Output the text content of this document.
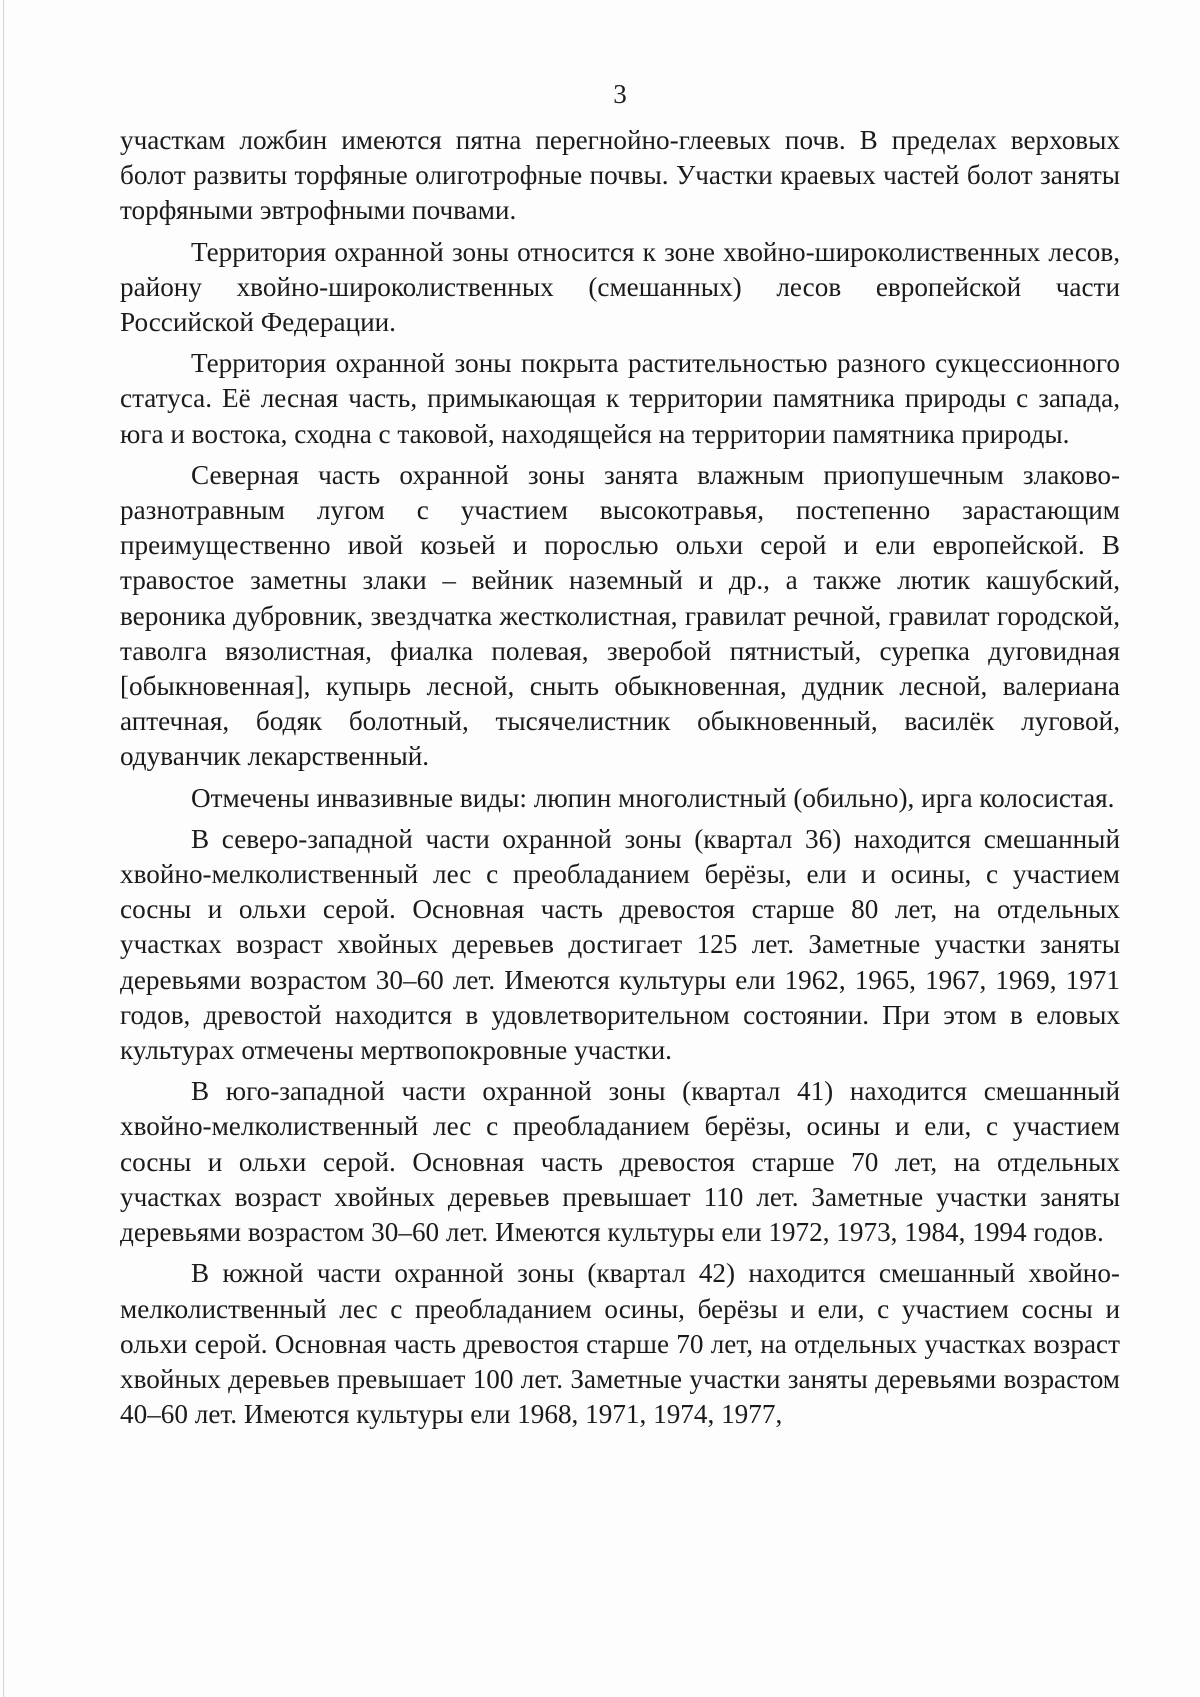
3

участкам ложбин имеются пятна перегнойно-глеевых почв. В пределах верховых болот развиты торфяные олиготрофные почвы. Участки краевых частей болот заняты торфяными эвтрофными почвами.

Территория охранной зоны относится к зоне хвойно-широколиственных лесов, району хвойно-широколиственных (смешанных) лесов европейской части Российской Федерации.

Территория охранной зоны покрыта растительностью разного сукцессионного статуса. Её лесная часть, примыкающая к территории памятника природы с запада, юга и востока, сходна с таковой, находящейся на территории памятника природы.

Северная часть охранной зоны занята влажным приопушечным злаково-разнотравным лугом с участием высокотравья, постепенно зарастающим преимущественно ивой козьей и порослью ольхи серой и ели европейской. В травостое заметны злаки – вейник наземный и др., а также лютик кашубский, вероника дубровник, звездчатка жестколистная, гравилат речной, гравилат городской, таволга вязолистная, фиалка полевая, зверобой пятнистый, сурепка дуговидная [обыкновенная], купырь лесной, сныть обыкновенная, дудник лесной, валериана аптечная, бодяк болотный, тысячелистник обыкновенный, василёк луговой, одуванчик лекарственный.

Отмечены инвазивные виды: люпин многолистный (обильно), ирга колосистая.

В северо-западной части охранной зоны (квартал 36) находится смешанный хвойно-мелколиственный лес с преобладанием берёзы, ели и осины, с участием сосны и ольхи серой. Основная часть древостоя старше 80 лет, на отдельных участках возраст хвойных деревьев достигает 125 лет. Заметные участки заняты деревьями возрастом 30–60 лет. Имеются культуры ели 1962, 1965, 1967, 1969, 1971 годов, древостой находится в удовлетворительном состоянии. При этом в еловых культурах отмечены мертвопокровные участки.

В юго-западной части охранной зоны (квартал 41) находится смешанный хвойно-мелколиственный лес с преобладанием берёзы, осины и ели, с участием сосны и ольхи серой. Основная часть древостоя старше 70 лет, на отдельных участках возраст хвойных деревьев превышает 110 лет. Заметные участки заняты деревьями возрастом 30–60 лет. Имеются культуры ели 1972, 1973, 1984, 1994 годов.

В южной части охранной зоны (квартал 42) находится смешанный хвойно-мелколиственный лес с преобладанием осины, берёзы и ели, с участием сосны и ольхи серой. Основная часть древостоя старше 70 лет, на отдельных участках возраст хвойных деревьев превышает 100 лет. Заметные участки заняты деревьями возрастом 40–60 лет. Имеются культуры ели 1968, 1971, 1974, 1977,
